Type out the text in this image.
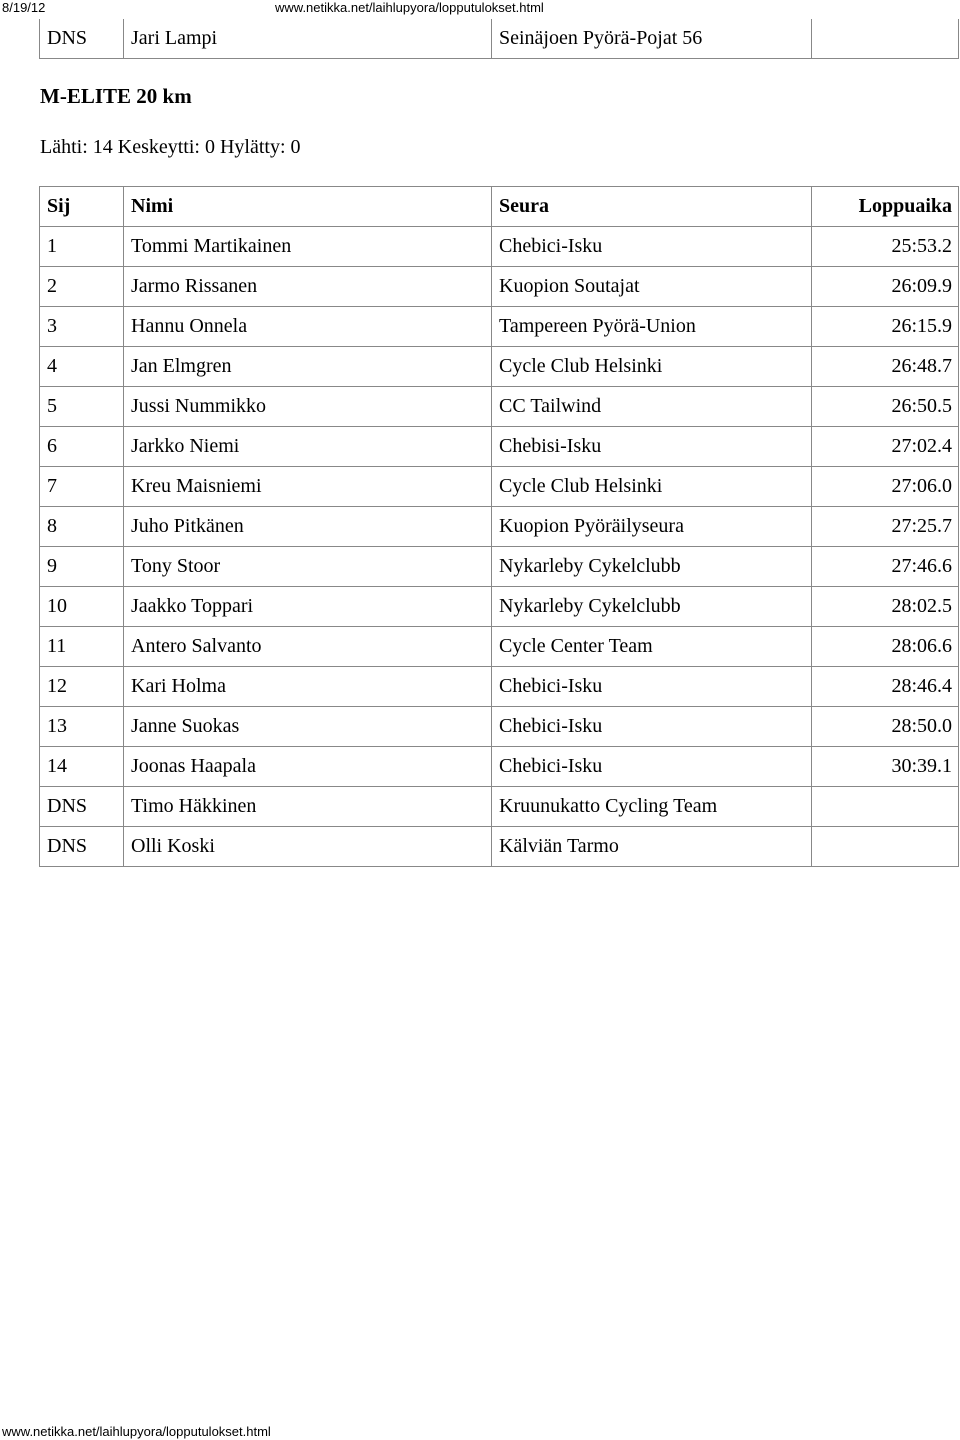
8/19/12	www.netikka.net/laihlupyora/lopputulokset.html
DNS	Jari Lampi	Seinäjoen Pyörä-Pojat 56	
M-ELITE 20 km
Lähti: 14 Keskeytti: 0 Hylätty: 0
Sij	Nimi	Seura	Loppuaika
1	Tommi Martikainen	Chebici-Isku	25:53.2
2	Jarmo Rissanen	Kuopion Soutajat	26:09.9
3	Hannu Onnela	Tampereen Pyörä-Union	26:15.9
4	Jan Elmgren	Cycle Club Helsinki	26:48.7
5	Jussi Nummikko	CC Tailwind	26:50.5
6	Jarkko Niemi	Chebisi-Isku	27:02.4
7	Kreu Maisniemi	Cycle Club Helsinki	27:06.0
8	Juho Pitkänen	Kuopion Pyöräilyseura	27:25.7
9	Tony Stoor	Nykarleby Cykelclubb	27:46.6
10	Jaakko Toppari	Nykarleby Cykelclubb	28:02.5
11	Antero Salvanto	Cycle Center Team	28:06.6
12	Kari Holma	Chebici-Isku	28:46.4
13	Janne Suokas	Chebici-Isku	28:50.0
14	Joonas Haapala	Chebici-Isku	30:39.1
DNS	Timo Häkkinen	Kruunukatto Cycling Team	
DNS	Olli Koski	Kälviän Tarmo	
www.netikka.net/laihlupyora/lopputulokset.html
